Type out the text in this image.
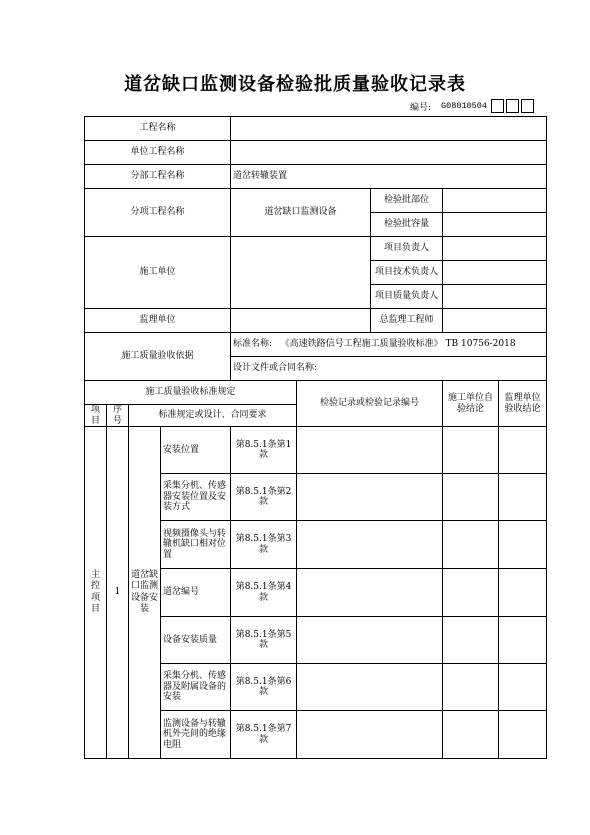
道岔缺口监测设备检验批质量验收记录表
编号: G08010504
工程名称								
单位工程名称								
分部工程名称				道岔转辙装置				
分项工程名称				道岔缺口监测设备		检验批部位		
						检验批容量		
施工单位						项目负责人		
						项目技术负责人		
						项目质量负责人		
监理单位						总监理工程师		
施工质量验收依据				标准名称: 《高速铁路信号工程施工质量验收标准》 TB 10756-2018				
				设计文件或合同名称:				
施工质量验收标准规定					检验记录或检验记录编号		施工单位自验结论	监理单位验收结论
项目	序号	标准规定或设计、合同要求						
主控项目	1	道岔缺口监测设备安装	安装位置	第8.5.1条第1款				
			采集分机、传感器安装位置及安装方式	第8.5.1条第2款				
			视频摄像头与转辙机缺口相对位置	第8.5.1条第3款				
			道岔编号	第8.5.1条第4款				
			设备安装质量	第8.5.1条第5款				
			采集分机、传感器及附属设备的安装	第8.5.1条第6款				
			监测设备与转辙机外壳间的绝缘电阻	第8.5.1条第7款				
